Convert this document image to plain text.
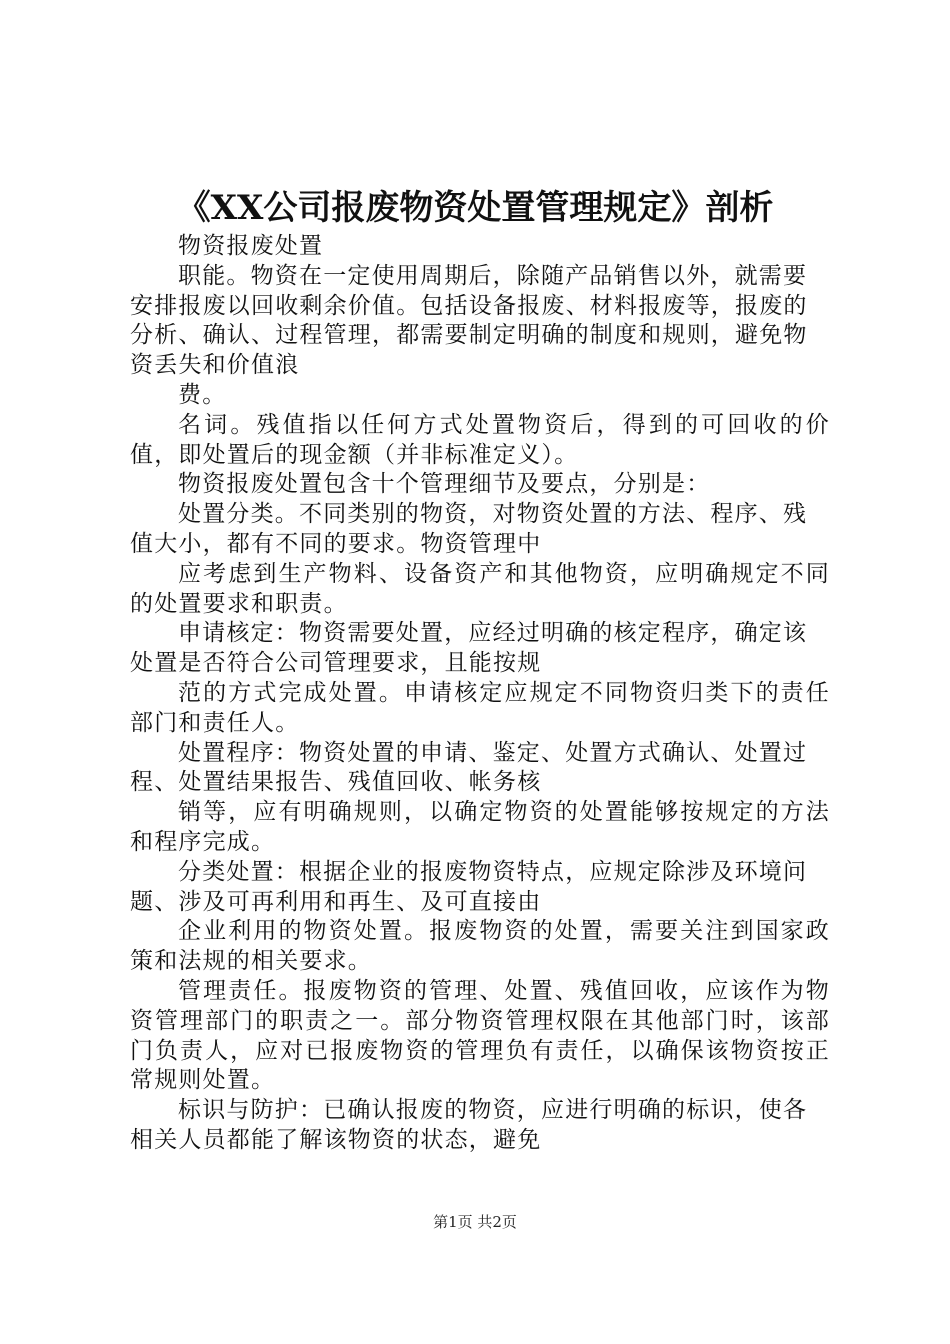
《XX公司报废物资处置管理规定》剖析

物资报废处置

职能。物资在一定使用周期后，除随产品销售以外，就需要安排报废以回收剩余价值。包括设备报废、材料报废等，报废的分析、确认、过程管理，都需要制定明确的制度和规则，避免物资丢失和价值浪

费。

名词。残值指以任何方式处置物资后，得到的可回收的价值，即处置后的现金额（并非标准定义）。

物资报废处置包含十个管理细节及要点，分别是：

处置分类。不同类别的物资，对物资处置的方法、程序、残值大小，都有不同的要求。物资管理中

应考虑到生产物料、设备资产和其他物资，应明确规定不同的处置要求和职责。

申请核定：物资需要处置，应经过明确的核定程序，确定该处置是否符合公司管理要求，且能按规

范的方式完成处置。申请核定应规定不同物资归类下的责任部门和责任人。

处置程序：物资处置的申请、鉴定、处置方式确认、处置过程、处置结果报告、残值回收、帐务核

销等，应有明确规则，以确定物资的处置能够按规定的方法和程序完成。

分类处置：根据企业的报废物资特点，应规定除涉及环境问题、涉及可再利用和再生、及可直接由

企业利用的物资处置。报废物资的处置，需要关注到国家政策和法规的相关要求。

管理责任。报废物资的管理、处置、残值回收，应该作为物资管理部门的职责之一。部分物资管理权限在其他部门时，该部门负责人，应对已报废物资的管理负有责任，以确保该物资按正常规则处置。

标识与防护：已确认报废的物资，应进行明确的标识，使各相关人员都能了解该物资的状态，避免

第1页 共2页
